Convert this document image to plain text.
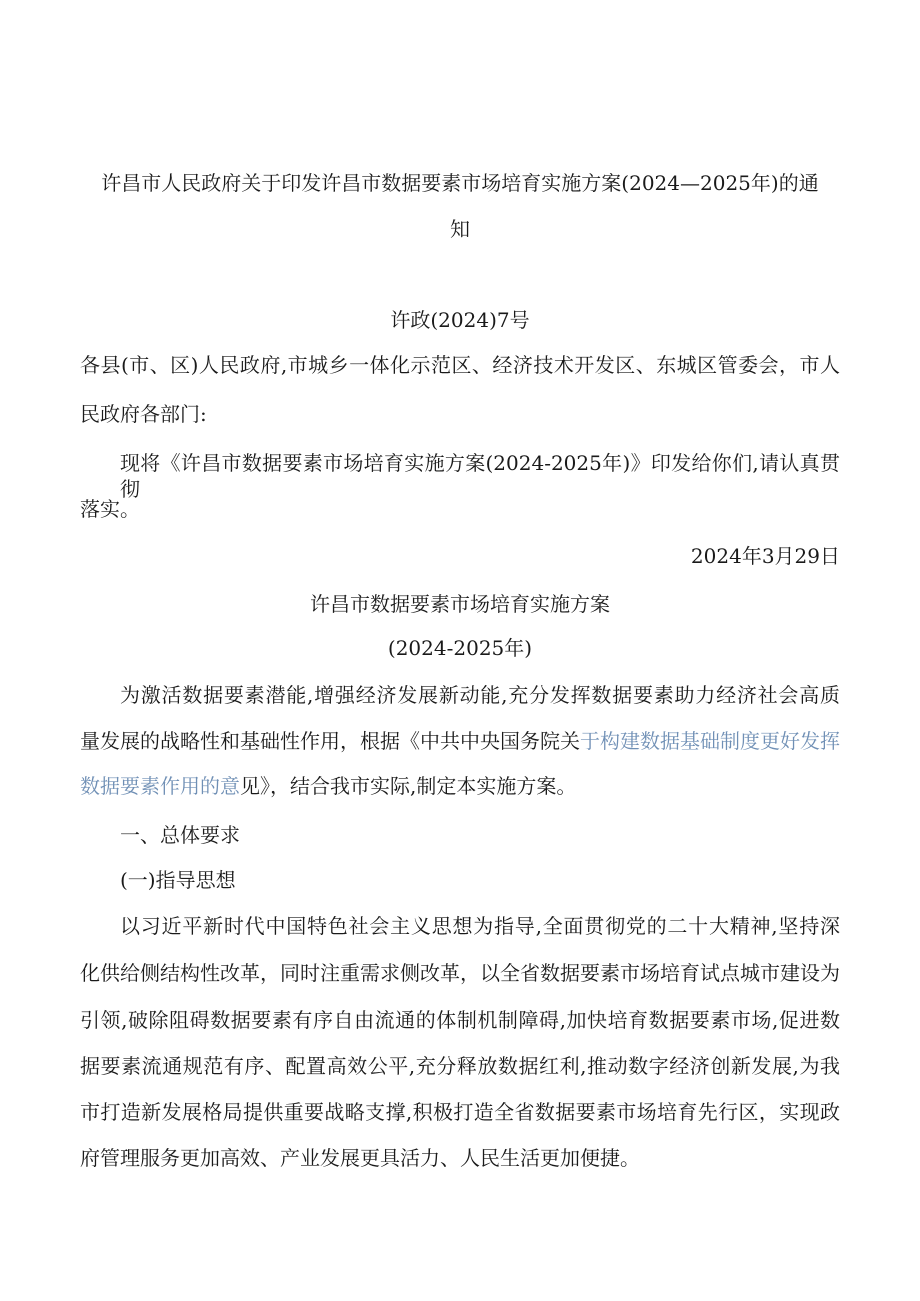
许昌市人民政府关于印发许昌市数据要素市场培育实施方案(2024—2025年)的通
知
许政(2024)7号
各县(市、区)人民政府,市城乡一体化示范区、经济技术开发区、东城区管委会，市人
民政府各部门:
现将《许昌市数据要素市场培育实施方案(2024-2025年)》印发给你们,请认真贯彻
落实。
2024年3月29日
许昌市数据要素市场培育实施方案
(2024-2025年)
为激活数据要素潜能,增强经济发展新动能,充分发挥数据要素助力经济社会高质
量发展的战略性和基础性作用，根据《中共中央国务院关于构建数据基础制度更好发挥
数据要素作用的意见》，结合我市实际,制定本实施方案。
一、总体要求
(一)指导思想
以习近平新时代中国特色社会主义思想为指导,全面贯彻党的二十大精神,坚持深
化供给侧结构性改革，同时注重需求侧改革，以全省数据要素市场培育试点城市建设为
引领,破除阻碍数据要素有序自由流通的体制机制障碍,加快培育数据要素市场,促进数
据要素流通规范有序、配置高效公平,充分释放数据红利,推动数字经济创新发展,为我
市打造新发展格局提供重要战略支撑,积极打造全省数据要素市场培育先行区，实现政
府管理服务更加高效、产业发展更具活力、人民生活更加便捷。
